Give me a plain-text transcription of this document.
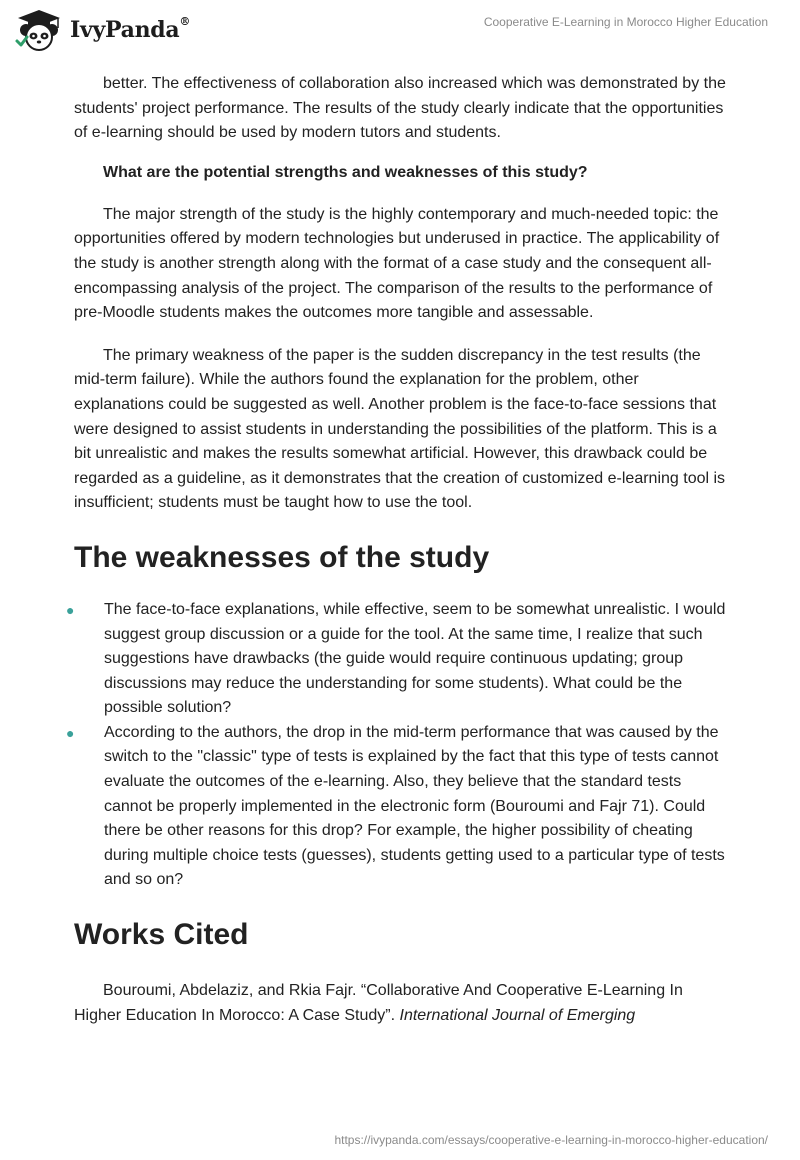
IvyPanda®	Cooperative E-Learning in Morocco Higher Education

better. The effectiveness of collaboration also increased which was demonstrated by the students' project performance. The results of the study clearly indicate that the opportunities of e-learning should be used by modern tutors and students.

What are the potential strengths and weaknesses of this study?

The major strength of the study is the highly contemporary and much-needed topic: the opportunities offered by modern technologies but underused in practice. The applicability of the study is another strength along with the format of a case study and the consequent all-encompassing analysis of the project. The comparison of the results to the performance of pre-Moodle students makes the outcomes more tangible and assessable.

The primary weakness of the paper is the sudden discrepancy in the test results (the mid-term failure). While the authors found the explanation for the problem, other explanations could be suggested as well. Another problem is the face-to-face sessions that were designed to assist students in understanding the possibilities of the platform. This is a bit unrealistic and makes the results somewhat artificial. However, this drawback could be regarded as a guideline, as it demonstrates that the creation of customized e-learning tool is insufficient; students must be taught how to use the tool.

The weaknesses of the study
● The face-to-face explanations, while effective, seem to be somewhat unrealistic. I would suggest group discussion or a guide for the tool. At the same time, I realize that such suggestions have drawbacks (the guide would require continuous updating; group discussions may reduce the understanding for some students). What could be the possible solution?
● According to the authors, the drop in the mid-term performance that was caused by the switch to the "classic" type of tests is explained by the fact that this type of tests cannot evaluate the outcomes of the e-learning. Also, they believe that the standard tests cannot be properly implemented in the electronic form (Bouroumi and Fajr 71). Could there be other reasons for this drop? For example, the higher possibility of cheating during multiple choice tests (guesses), students getting used to a particular type of tests and so on?
Works Cited

Bouroumi, Abdelaziz, and Rkia Fajr. “Collaborative And Cooperative E-Learning In Higher Education In Morocco: A Case Study”. International Journal of Emerging

https://ivypanda.com/essays/cooperative-e-learning-in-morocco-higher-education/
